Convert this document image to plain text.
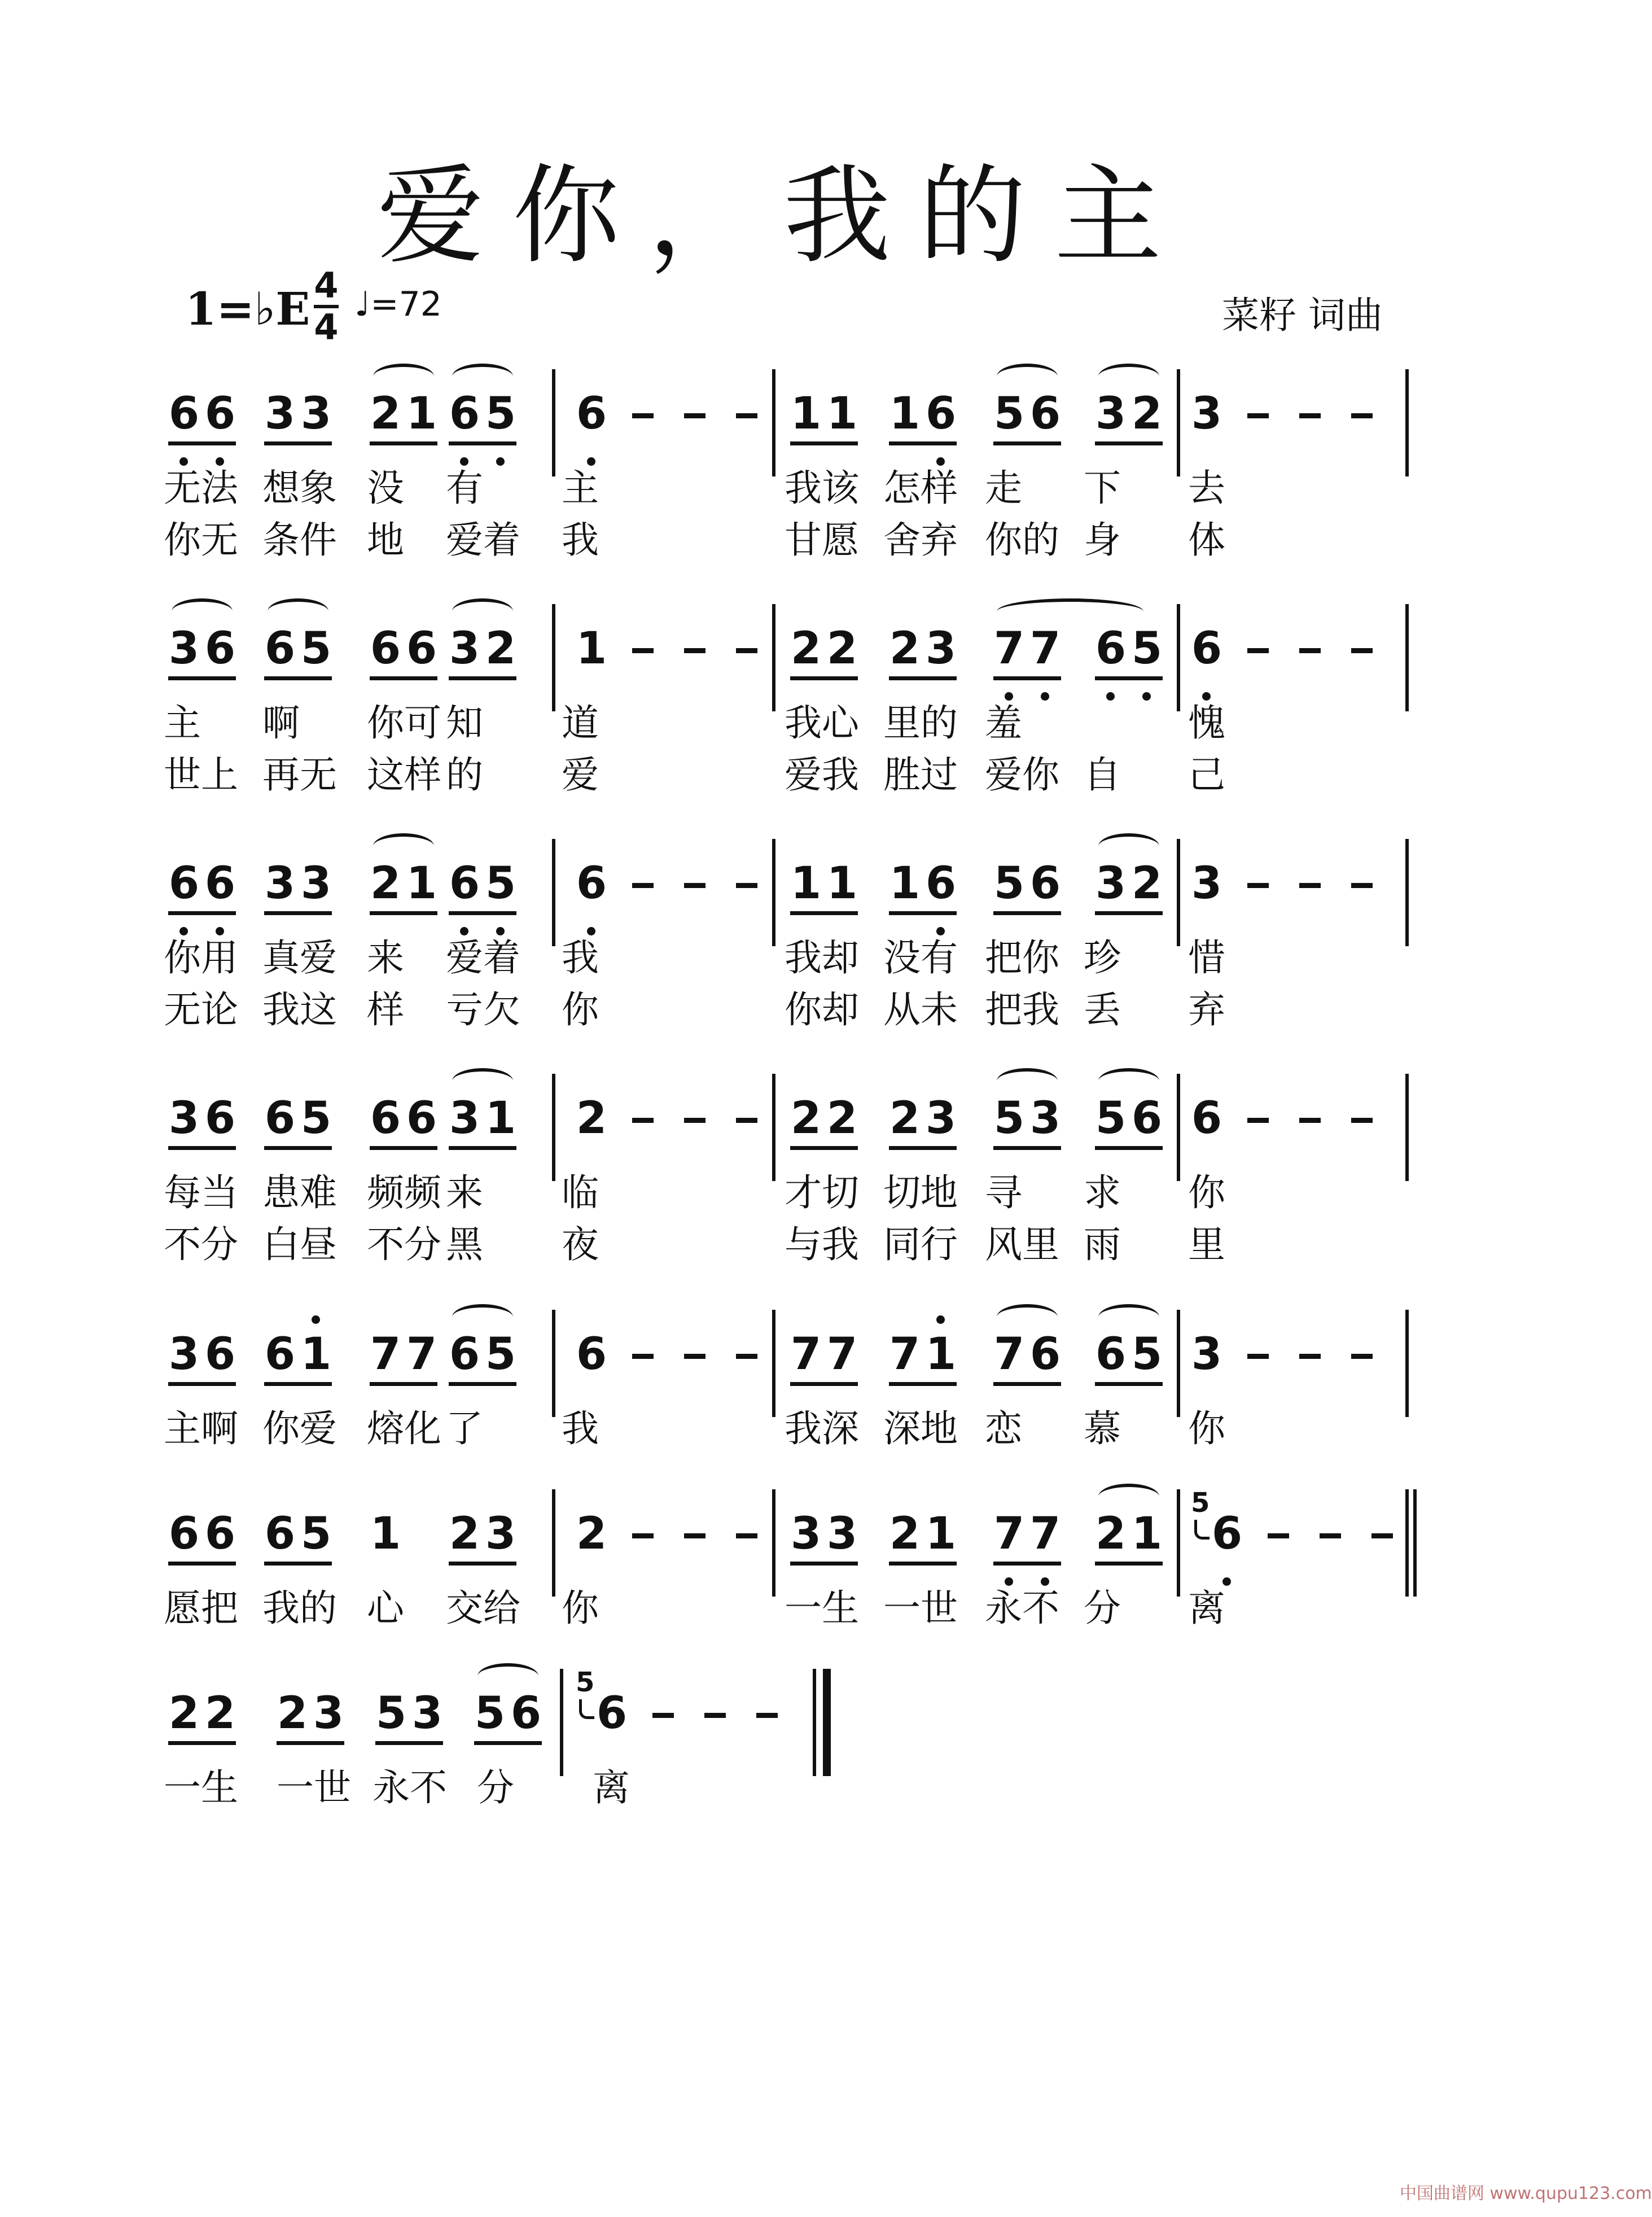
爱你，我的主
1=♭E 4
4
♩=72	菜籽 词曲
6 6 3 3 2 1 6 5 6	1 1 1 6 5 6 3 2 3
无法 想象 没 有 主	我该 怎样 走 下 去
你无 条件 地 爱着 我	甘愿 舍弃 你的 身 体
3 6 6 5 6 6 3 2 1	2 2 2 3 7 7 6 5 6
主 啊 你可 知 道	我心 里的 羞	愧
世上 再无 这样 的 爱	爱我 胜过 爱你 自 己
6 6 3 3 2 1 6 5 6	1 1 1 6 5 6 3 2 3
你用 真爱 来 爱着 我	我却 没有 把你 珍 惜
无论 我这 样 亏欠 你	你却 从未 把我 丢 弃
3 6 6 5 6 6 3 1 2	2 2 2 3 5 3 5 6 6
每当 患难 频频 来 临	才切 切地 寻 求 你
不分 白昼 不分 黑 夜	与我 同行 风里 雨 里
3 6 6 1 7 7 6 5 6	7 7 7 1 7 6 6 5 3
主啊 你爱 熔化 了 我	我深 深地 恋 慕 你
6 6 6 5 1 2 3 2	3 3 2 1 7 7 2 1
5
6
愿把 我的 心 交给 你	一生 一世 永不 分 离
2 2 2 3 5 3 5 6
5
6
一生 一世 永不 分 离
中国曲谱网 www.qupu123.com
